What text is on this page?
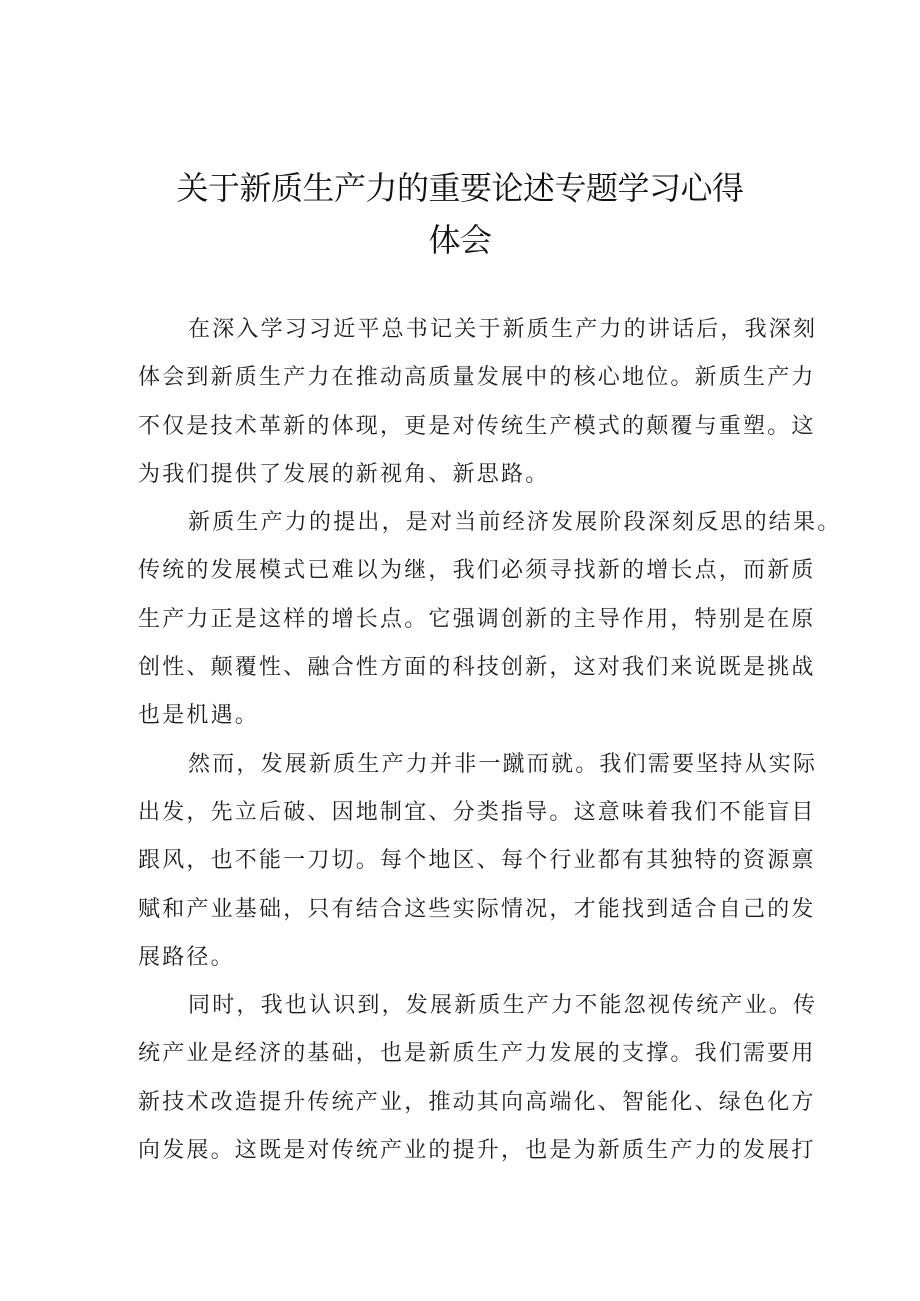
关于新质生产力的重要论述专题学习心得
体会
在深入学习习近平总书记关于新质生产力的讲话后，我深刻
体会到新质生产力在推动高质量发展中的核心地位。新质生产力
不仅是技术革新的体现，更是对传统生产模式的颠覆与重塑。这
为我们提供了发展的新视角、新思路。
新质生产力的提出，是对当前经济发展阶段深刻反思的结果。
传统的发展模式已难以为继，我们必须寻找新的增长点，而新质
生产力正是这样的增长点。它强调创新的主导作用，特别是在原
创性、颠覆性、融合性方面的科技创新，这对我们来说既是挑战
也是机遇。
然而，发展新质生产力并非一蹴而就。我们需要坚持从实际
出发，先立后破、因地制宜、分类指导。这意味着我们不能盲目
跟风，也不能一刀切。每个地区、每个行业都有其独特的资源禀
赋和产业基础，只有结合这些实际情况，才能找到适合自己的发
展路径。
同时，我也认识到，发展新质生产力不能忽视传统产业。传
统产业是经济的基础，也是新质生产力发展的支撑。我们需要用
新技术改造提升传统产业，推动其向高端化、智能化、绿色化方
向发展。这既是对传统产业的提升，也是为新质生产力的发展打
